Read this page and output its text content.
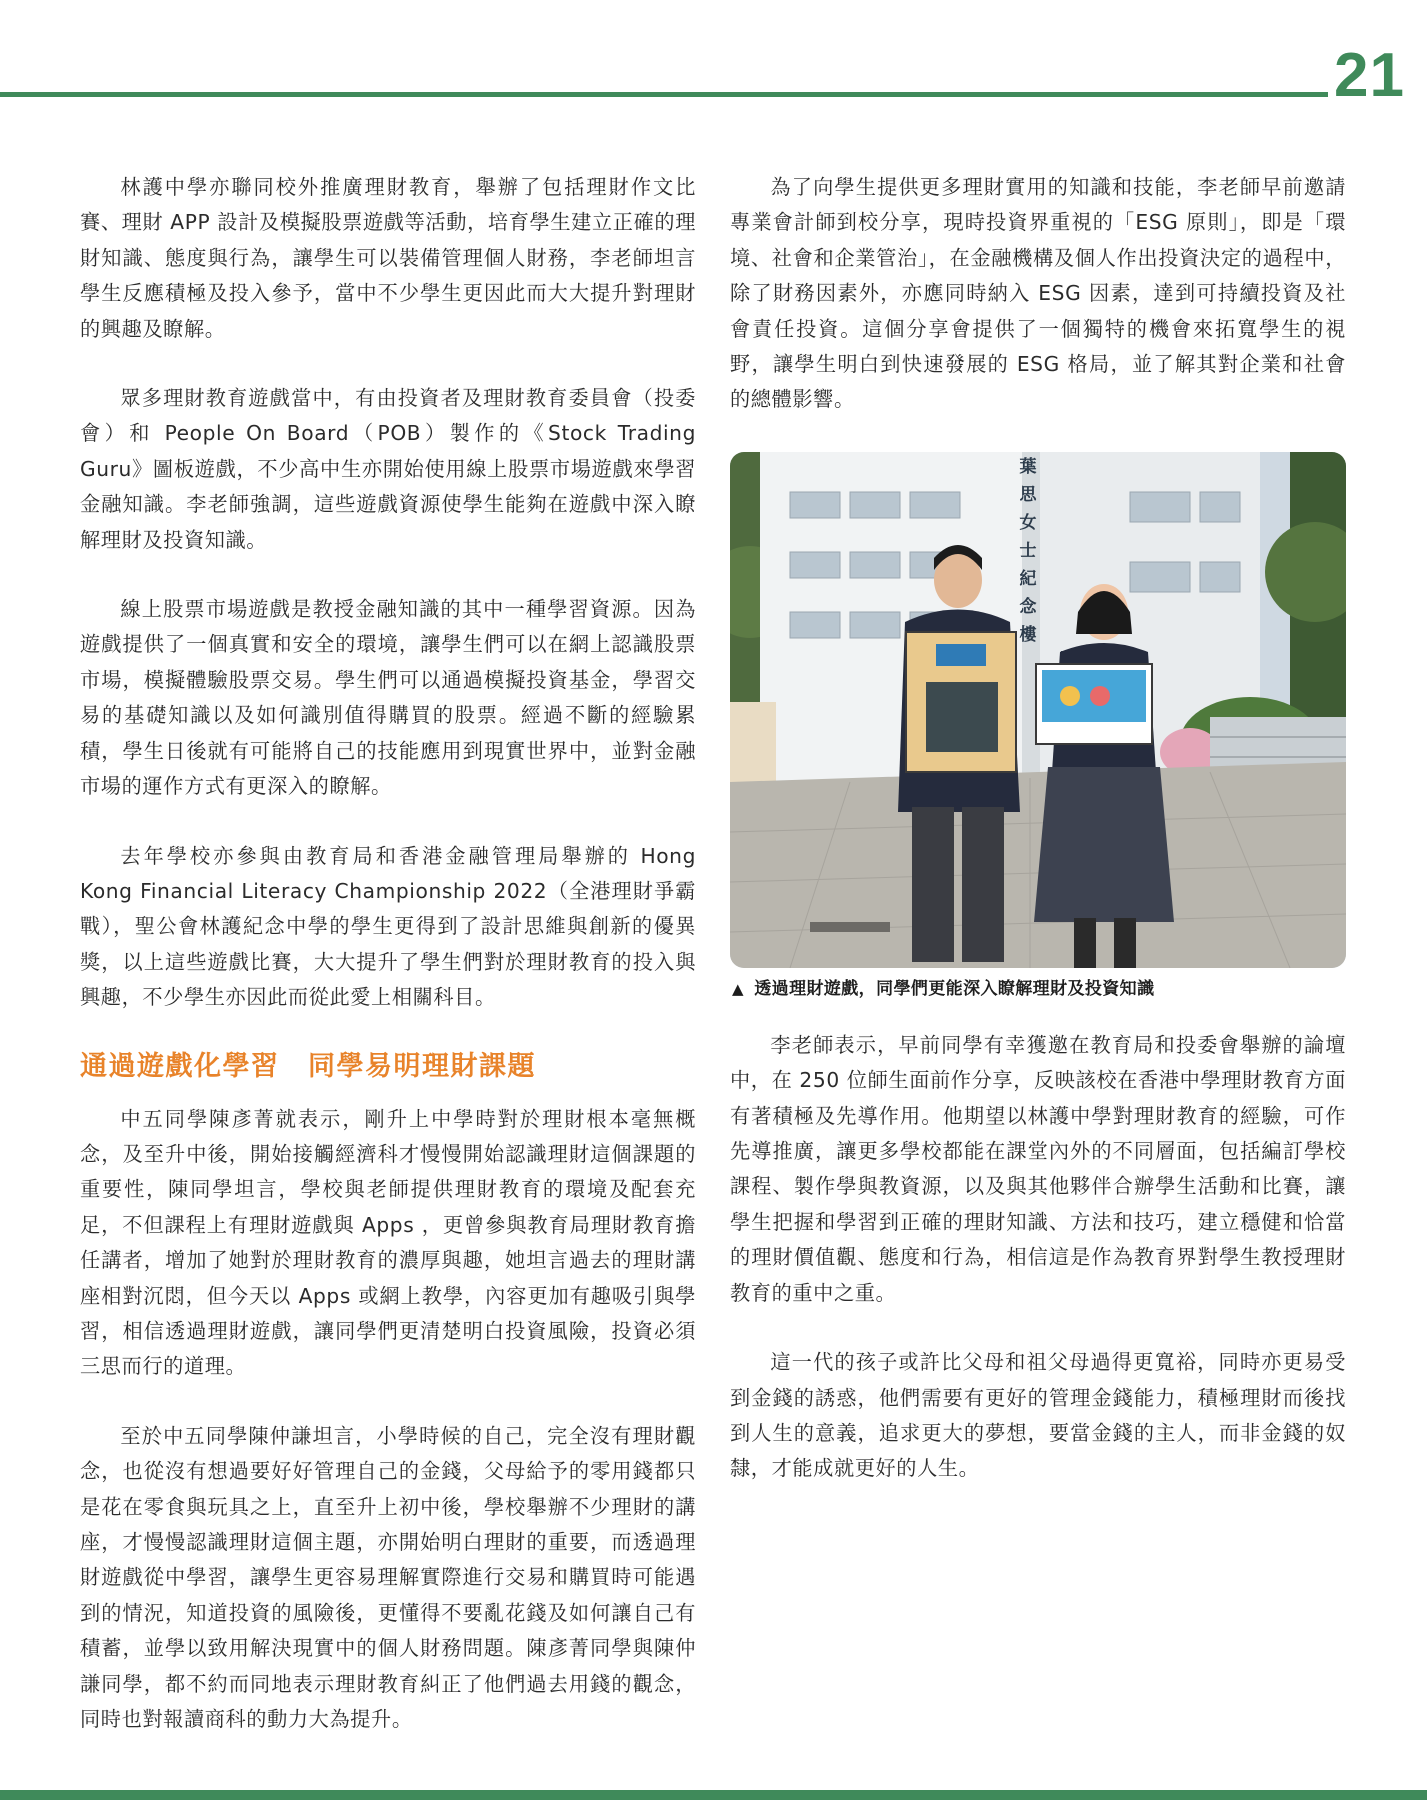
21

林護中學亦聯同校外推廣理財教育，舉辦了包括理財作文比賽、理財 APP 設計及模擬股票遊戲等活動，培育學生建立正確的理財知識、態度與行為，讓學生可以裝備管理個人財務，李老師坦言學生反應積極及投入參予，當中不少學生更因此而大大提升對理財的興趣及瞭解。

眾多理財教育遊戲當中，有由投資者及理財教育委員會（投委會）和 People On Board（POB）製作的《Stock Trading Guru》圖板遊戲，不少高中生亦開始使用線上股票市場遊戲來學習金融知識。李老師強調，這些遊戲資源使學生能夠在遊戲中深入瞭解理財及投資知識。

線上股票市場遊戲是教授金融知識的其中一種學習資源。因為遊戲提供了一個真實和安全的環境，讓學生們可以在網上認識股票市場，模擬體驗股票交易。學生們可以通過模擬投資基金，學習交易的基礎知識以及如何識別值得購買的股票。經過不斷的經驗累積，學生日後就有可能將自己的技能應用到現實世界中，並對金融市場的運作方式有更深入的瞭解。

去年學校亦參與由教育局和香港金融管理局舉辦的 Hong Kong Financial Literacy Championship 2022（全港理財爭霸戰），聖公會林護紀念中學的學生更得到了設計思維與創新的優異獎，以上這些遊戲比賽，大大提升了學生們對於理財教育的投入與興趣，不少學生亦因此而從此愛上相關科目。

通過遊戲化學習　同學易明理財課題

中五同學陳彥菁就表示，剛升上中學時對於理財根本毫無概念，及至升中後，開始接觸經濟科才慢慢開始認識理財這個課題的重要性，陳同學坦言，學校與老師提供理財教育的環境及配套充足，不但課程上有理財遊戲與 Apps ，更曾參與教育局理財教育擔任講者，增加了她對於理財教育的濃厚與趣，她坦言過去的理財講座相對沉悶，但今天以 Apps 或網上教學，內容更加有趣吸引與學習，相信透過理財遊戲，讓同學們更清楚明白投資風險，投資必須三思而行的道理。

至於中五同學陳仲謙坦言，小學時候的自己，完全沒有理財觀念，也從沒有想過要好好管理自己的金錢，父母給予的零用錢都只是花在零食與玩具之上，直至升上初中後，學校舉辦不少理財的講座，才慢慢認識理財這個主題，亦開始明白理財的重要，而透過理財遊戲從中學習，讓學生更容易理解實際進行交易和購買時可能遇到的情況，知道投資的風險後，更懂得不要亂花錢及如何讓自己有積蓄，並學以致用解決現實中的個人財務問題。陳彥菁同學與陳仲謙同學，都不約而同地表示理財教育糾正了他們過去用錢的觀念，同時也對報讀商科的動力大為提升。

為了向學生提供更多理財實用的知識和技能，李老師早前邀請專業會計師到校分享，現時投資界重視的「ESG 原則」，即是「環境、社會和企業管治」，在金融機構及個人作出投資決定的過程中，除了財務因素外，亦應同時納入 ESG 因素，達到可持續投資及社會責任投資。這個分享會提供了一個獨特的機會來拓寬學生的視野，讓學生明白到快速發展的 ESG 格局，並了解其對企業和社會的總體影響。

葉
思
女
士
紀
念
樓
▲ 透過理財遊戲，同學們更能深入瞭解理財及投資知識

李老師表示，早前同學有幸獲邀在教育局和投委會舉辦的論壇中，在 250 位師生面前作分享，反映該校在香港中學理財教育方面有著積極及先導作用。他期望以林護中學對理財教育的經驗，可作先導推廣，讓更多學校都能在課堂內外的不同層面，包括編訂學校課程、製作學與教資源，以及與其他夥伴合辦學生活動和比賽，讓學生把握和學習到正確的理財知識、方法和技巧，建立穩健和恰當的理財價值觀、態度和行為，相信這是作為教育界對學生教授理財教育的重中之重。

這一代的孩子或許比父母和祖父母過得更寬裕，同時亦更易受到金錢的誘惑，他們需要有更好的管理金錢能力，積極理財而後找到人生的意義，追求更大的夢想，要當金錢的主人，而非金錢的奴隸，才能成就更好的人生。
